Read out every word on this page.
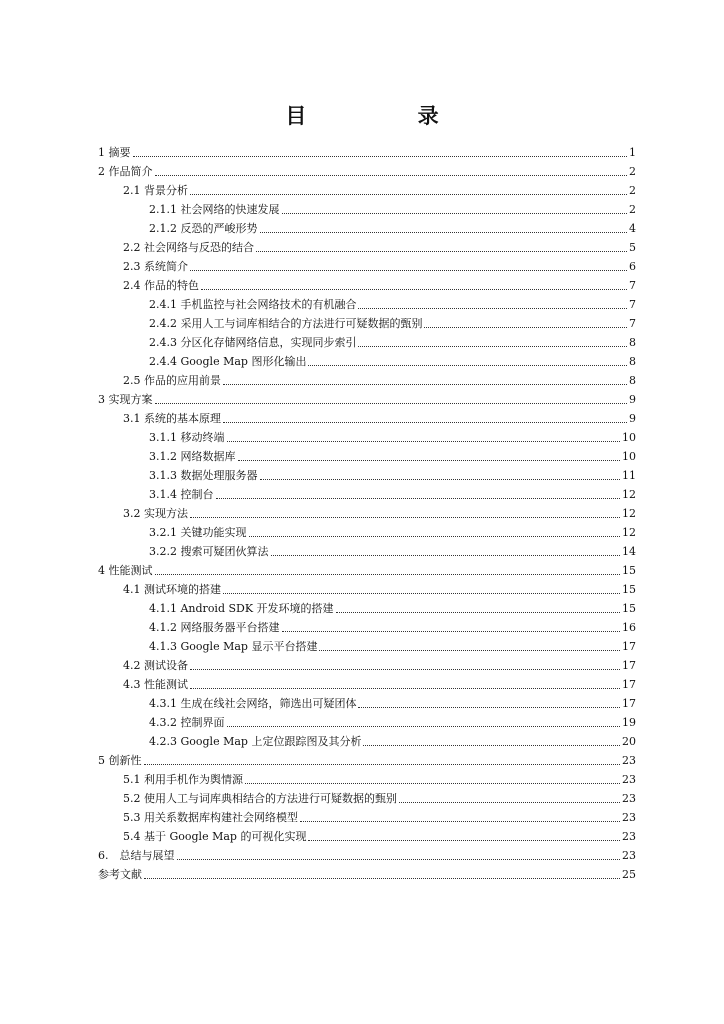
目 录
1 摘要	1
2 作品简介	2
2.1 背景分析	2
2.1.1 社会网络的快速发展	2
2.1.2 反恐的严峻形势	4
2.2 社会网络与反恐的结合	5
2.3 系统简介	6
2.4 作品的特色	7
2.4.1 手机监控与社会网络技术的有机融合	7
2.4.2 采用人工与词库相结合的方法进行可疑数据的甄别	7
2.4.3 分区化存储网络信息，实现同步索引	8
2.4.4 Google Map 图形化输出	8
2.5 作品的应用前景	8
3 实现方案	9
3.1 系统的基本原理	9
3.1.1 移动终端	10
3.1.2 网络数据库	10
3.1.3 数据处理服务器	11
3.1.4 控制台	12
3.2 实现方法	12
3.2.1 关键功能实现	12
3.2.2 搜索可疑团伙算法	14
4 性能测试	15
4.1 测试环境的搭建	15
4.1.1 Android SDK 开发环境的搭建	15
4.1.2 网络服务器平台搭建	16
4.1.3 Google Map 显示平台搭建	17
4.2 测试设备	17
4.3 性能测试	17
4.3.1 生成在线社会网络，筛选出可疑团体	17
4.3.2 控制界面	19
4.2.3 Google Map 上定位跟踪图及其分析	20
5 创新性	23
5.1 利用手机作为舆情源	23
5.2 使用人工与词库典相结合的方法进行可疑数据的甄别	23
5.3 用关系数据库构建社会网络模型	23
5.4 基于 Google Map 的可视化实现	23
6.　总结与展望	23
参考文献	25
